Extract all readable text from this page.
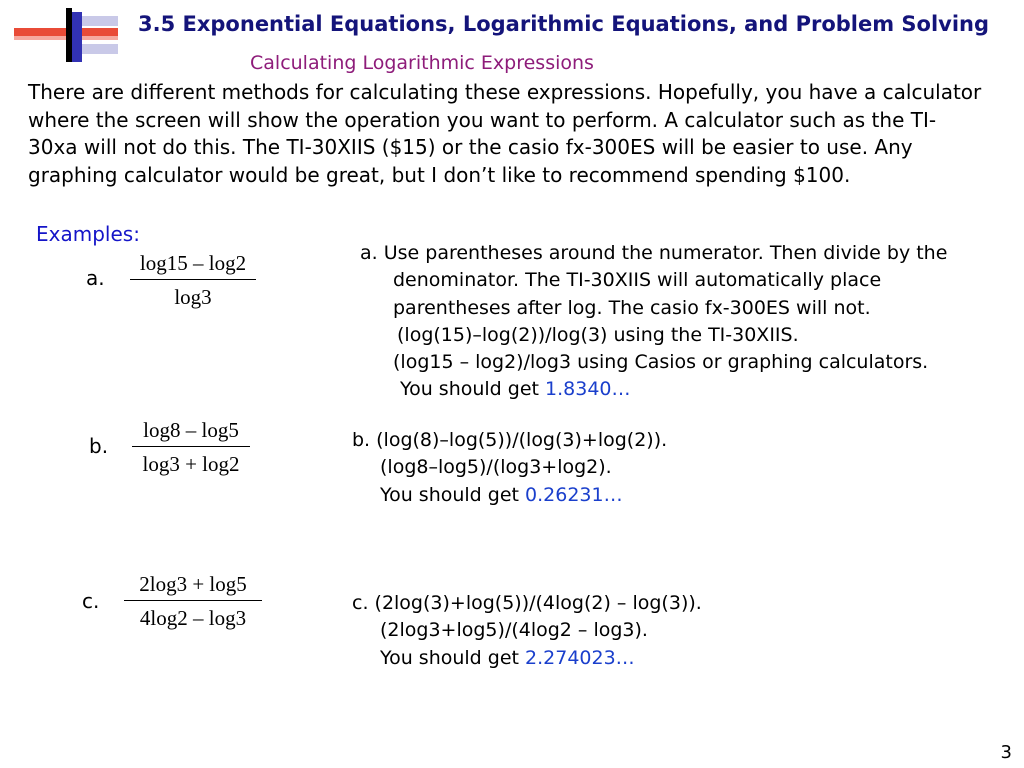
3.5 Exponential Equations, Logarithmic Equations, and Problem Solving
Calculating Logarithmic Expressions
There are different methods for calculating these expressions. Hopefully, you have a calculator
where the screen will show the operation you want to perform. A calculator such as the TI-
30xa will not do this. The TI-30XIIS ($15) or the casio fx-300ES will be easier to use. Any
graphing calculator would be great, but I don’t like to recommend spending $100.
Examples:
a.
log15 – log2
log3
a. Use parentheses around the numerator. Then divide by the
denominator. The TI-30XIIS will automatically place
parentheses after log. The casio fx-300ES will not.
(log(15)–log(2))/log(3) using the TI-30XIIS.
(log15 – log2)/log3 using Casios or graphing calculators.
You should get 1.8340…
b.
log8 – log5
log3 + log2
b. (log(8)–log(5))/(log(3)+log(2)).
(log8–log5)/(log3+log2).
You should get 0.26231…
c.
2log3 + log5
4log2 – log3
c. (2log(3)+log(5))/(4log(2) – log(3)).
(2log3+log5)/(4log2 – log3).
You should get 2.274023…
3
